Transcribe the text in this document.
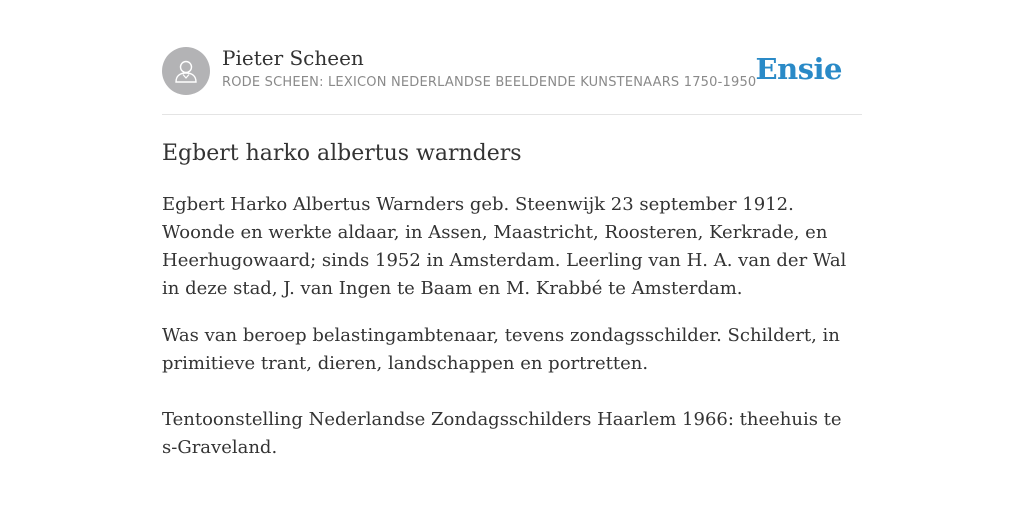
Pieter Scheen
RODE SCHEEN: LEXICON NEDERLANDSE BEELDENDE KUNSTENAARS 1750-1950 Ensie
Egbert harko albertus warnders

Egbert Harko Albertus Warnders geb. Steenwijk 23 september 1912. Woonde en werkte aldaar, in Assen, Maastricht, Roosteren, Kerkrade, en Heerhugowaard; sinds 1952 in Amsterdam. Leerling van H. A. van der Wal in deze stad, J. van Ingen te Baam en M. Krabbé te Amsterdam.

Was van beroep belastingambtenaar, tevens zondagsschilder. Schildert, in primitieve trant, dieren, landschappen en portretten.

Tentoonstelling Nederlandse Zondagsschilders Haarlem 1966: theehuis te s-Graveland.
